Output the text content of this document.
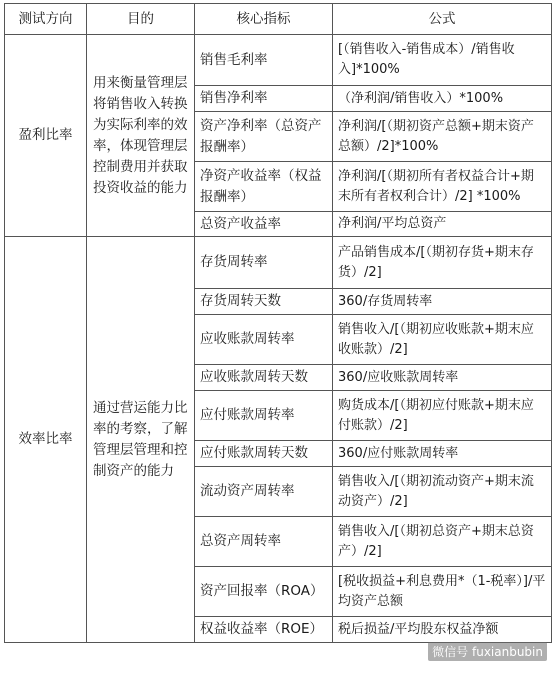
测试方向	目的	核心指标	公式
盈利比率	用来衡量管理层将销售收入转换为实际利率的效率，体现管理层控制费用并获取投资收益的能力	销售毛利率	[（销售收入-销售成本）/销售收入]*100%
		销售净利率	（净利润/销售收入）*100%
		资产净利率（总资产报酬率）	净利润/[（期初资产总额+期末资产总额）/2]*100%
		净资产收益率（权益报酬率）	净利润/[（期初所有者权益合计+期末所有者权利合计）/2] *100%
		总资产收益率	净利润/平均总资产
效率比率	通过营运能力比率的考察，了解管理层管理和控制资产的能力	存货周转率	产品销售成本/[（期初存货+期末存货）/2]
		存货周转天数	360/存货周转率
		应收账款周转率	销售收入/[（期初应收账款+期末应收账款）/2]
		应收账款周转天数	360/应收账款周转率
		应付账款周转率	购货成本/[（期初应付账款+期末应付账款）/2]
		应付账款周转天数	360/应付账款周转率
		流动资产周转率	销售收入/[（期初流动资产+期末流动资产）/2]
		总资产周转率	销售收入/[（期初总资产+期末总资产）/2]
		资产回报率（ROA）	[税收损益+利息费用*（1-税率）]/平均资产总额
		权益收益率（ROE）	税后损益/平均股东权益净额
微信号 fuxianbubin
